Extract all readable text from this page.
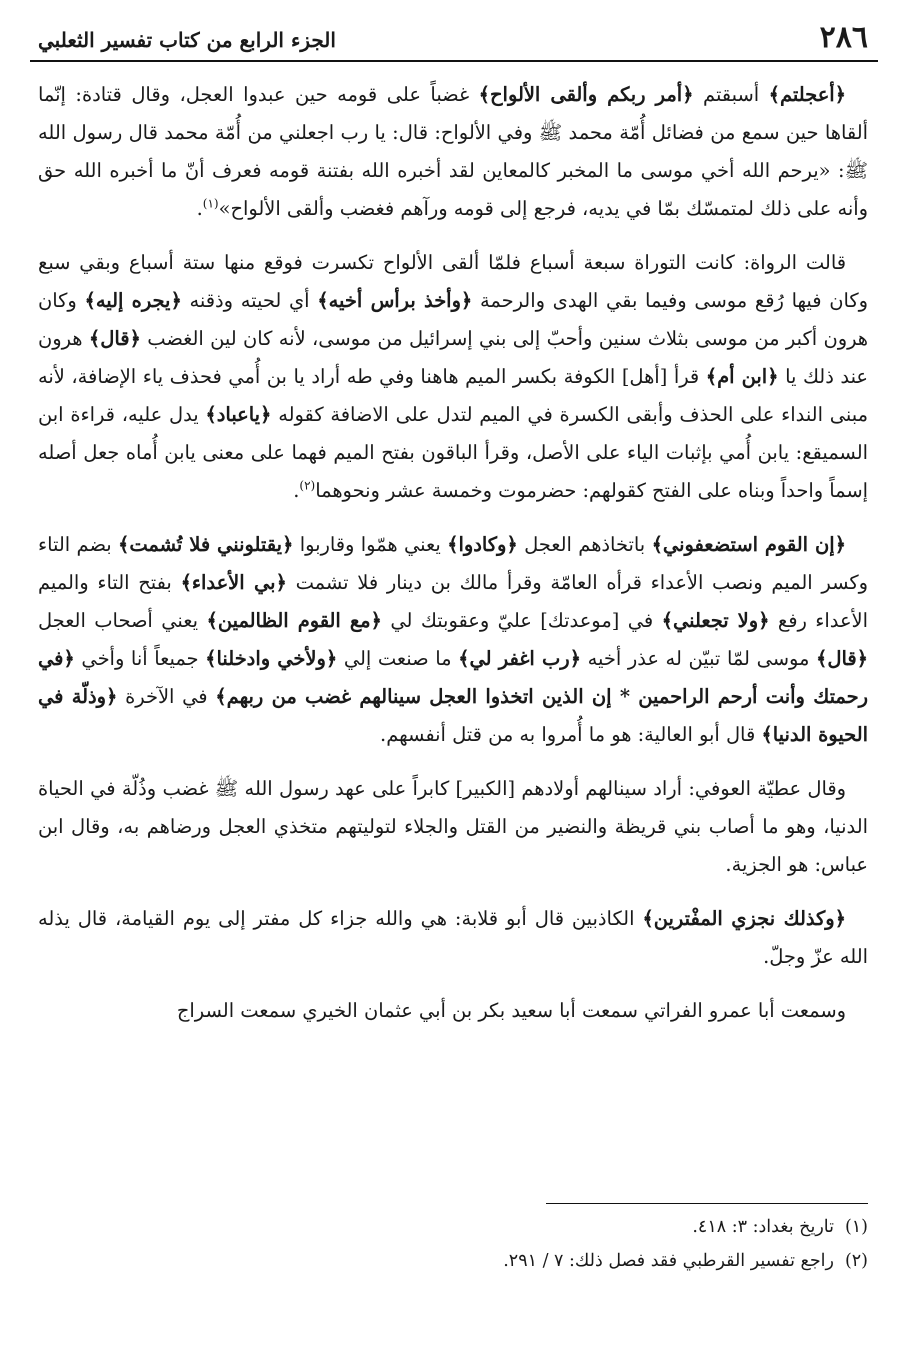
٢٨٦
الجزء الرابع من كتاب تفسير الثعلبي

﴿أعجلتم﴾ أسبقتم ﴿أمر ربكم وألقى الألواح﴾ غضباً على قومه حين عبدوا العجل، وقال قتادة: إنّما ألقاها حين سمع من فضائل أُمّة محمد ﷺ وفي الألواح: قال: يا رب اجعلني من أُمّة محمد قال رسول الله ﷺ: «يرحم الله أخي موسى ما المخبر كالمعاين لقد أخبره الله بفتنة قومه فعرف أنّ ما أخبره الله حق وأنه على ذلك لمتمسّك بمّا في يديه، فرجع إلى قومه ورآهم فغضب وألقى الألواح»$^{(١)}$.

قالت الرواة: كانت التوراة سبعة أسباع فلمّا ألقى الألواح تكسرت فوقع منها ستة أسباع وبقي سبع وكان فيها رُقع موسى وفيما بقي الهدى والرحمة ﴿وأخذ برأس أخيه﴾ أي لحيته وذقنه ﴿يجره إليه﴾ وكان هرون أكبر من موسى بثلاث سنين وأحبّ إلى بني إسرائيل من موسى، لأنه كان لين الغضب ﴿قال﴾ هرون عند ذلك يا ﴿ابن أم﴾ قرأ [أهل] الكوفة بكسر الميم هاهنا وفي طه أراد يا بن أُمي فحذف ياء الإضافة، لأنه مبنى النداء على الحذف وأبقى الكسرة في الميم لتدل على الاضافة كقوله ﴿ياعباد﴾ يدل عليه، قراءة ابن السميقع: يابن أُمي بإثبات الياء على الأصل، وقرأ الباقون بفتح الميم فهما على معنى يابن أُماه جعل أصله إسماً واحداً وبناه على الفتح كقولهم: حضرموت وخمسة عشر ونحوهما$^{(٢)}$.

﴿إن القوم استضعفوني﴾ باتخاذهم العجل ﴿وكادوا﴾ يعني همّوا وقاربوا ﴿يقتلونني فلا تُشمت﴾ بضم التاء وكسر الميم ونصب الأعداء قرأه العامّة وقرأ مالك بن دينار فلا تشمت ﴿بي الأعداء﴾ بفتح التاء والميم الأعداء رفع ﴿ولا تجعلني﴾ في [موعدتك] عليّ وعقوبتك لي ﴿مع القوم الظالمين﴾ يعني أصحاب العجل ﴿قال﴾ موسى لمّا تبيّن له عذر أخيه ﴿رب اغفر لي﴾ ما صنعت إلي ﴿ولأخي وادخلنا﴾ جميعاً أنا وأخي ﴿في رحمتك وأنت أرحم الراحمين * إن الذين اتخذوا العجل سينالهم غضب من ربهم﴾ في الآخرة ﴿وذلّة في الحيوة الدنيا﴾ قال أبو العالية: هو ما أُمروا به من قتل أنفسهم.

وقال عطيّة العوفي: أراد سينالهم أولادهم [الكبير] كابراً على عهد رسول الله ﷺ غضب وذُلّة في الحياة الدنيا، وهو ما أصاب بني قريظة والنضير من القتل والجلاء لتوليتهم متخذي العجل ورضاهم به، وقال ابن عباس: هو الجزية.

﴿وكذلك نجزي المفْترين﴾ الكاذبين قال أبو قلابة: هي والله جزاء كل مفتر إلى يوم القيامة، قال يذله الله عزّ وجلّ.

وسمعت أبا عمرو الفراتي سمعت أبا سعيد بكر بن أبي عثمان الخيري سمعت السراج

(١)تاريخ بغداد: ٣: ٤١٨.

(٢)راجع تفسير القرطبي فقد فصل ذلك: ٧ / ٢٩١.
